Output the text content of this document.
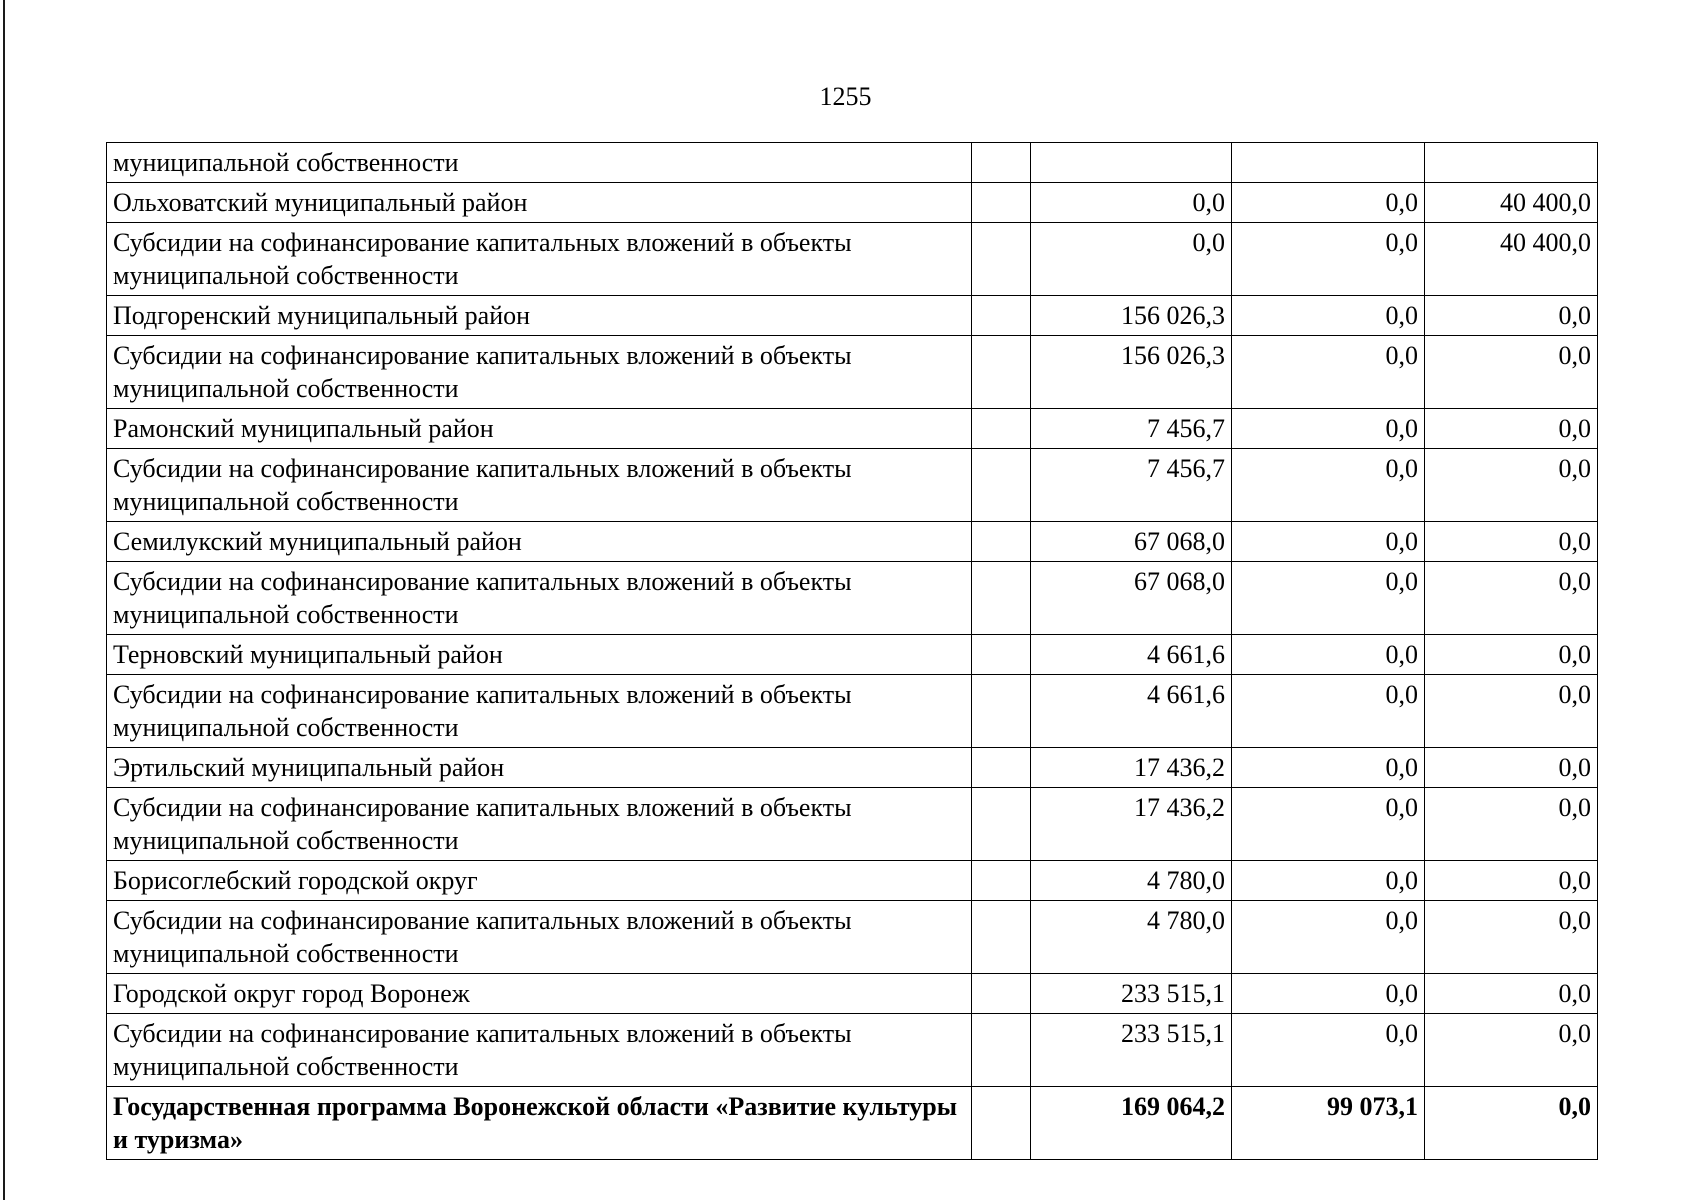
1255
муниципальной собственности				
Ольховатский муниципальный район		0,0	0,0	40 400,0
Субсидии на софинансирование капитальных вложений в объекты муниципальной собственности		0,0	0,0	40 400,0
Подгоренский муниципальный район		156 026,3	0,0	0,0
Субсидии на софинансирование капитальных вложений в объекты муниципальной собственности		156 026,3	0,0	0,0
Рамонский муниципальный район		7 456,7	0,0	0,0
Субсидии на софинансирование капитальных вложений в объекты муниципальной собственности		7 456,7	0,0	0,0
Семилукский муниципальный район		67 068,0	0,0	0,0
Субсидии на софинансирование капитальных вложений в объекты муниципальной собственности		67 068,0	0,0	0,0
Терновский муниципальный район		4 661,6	0,0	0,0
Субсидии на софинансирование капитальных вложений в объекты муниципальной собственности		4 661,6	0,0	0,0
Эртильский муниципальный район		17 436,2	0,0	0,0
Субсидии на софинансирование капитальных вложений в объекты муниципальной собственности		17 436,2	0,0	0,0
Борисоглебский городской округ		4 780,0	0,0	0,0
Субсидии на софинансирование капитальных вложений в объекты муниципальной собственности		4 780,0	0,0	0,0
Городской округ город Воронеж		233 515,1	0,0	0,0
Субсидии на софинансирование капитальных вложений в объекты муниципальной собственности		233 515,1	0,0	0,0
Государственная программа Воронежской области «Развитие культуры и туризма»		169 064,2	99 073,1	0,0
